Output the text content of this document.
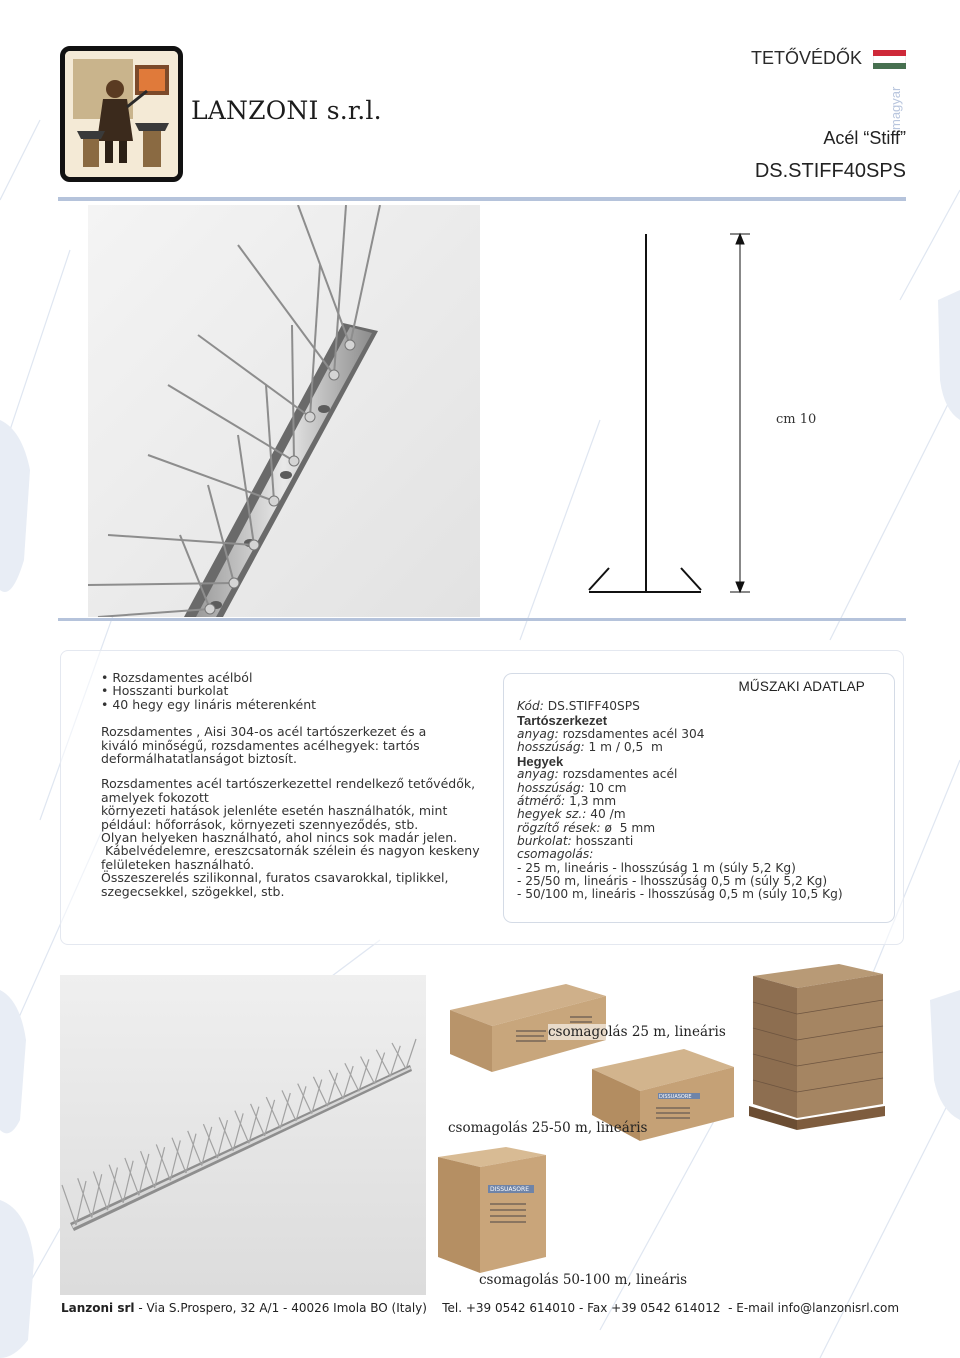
LANZONI s.r.l.
TETŐVÉDŐK
magyar
Acél “Stiff”
DS.STIFF40SPS
cm 10
• Rozsdamentes acélból
• Hosszanti burkolat
• 40 hegy egy lináris méterenként

Rozsdamentes , Aisi 304-os acél tartószerkezet és a
kiváló minőségű, rozsdamentes acélhegyek: tartós
deformálhatatlanságot biztosít.

Rozsdamentes acél tartószerkezettel rendelkező tetővédők,
amelyek fokozott
környezeti hatások jelenléte esetén használhatók, mint
például: hőforrások, környezeti szennyeződés, stb.
Olyan helyeken használható, ahol nincs sok madár jelen.
Kábelvédelemre, ereszcsatornák szélein és nagyon keskeny
felületeken használható.
Összeszerelés szilikonnal, furatos csavarokkal, tiplikkel,
szegecsekkel, szögekkel, stb.

MŰSZAKI ADATLAP
Kód: DS.STIFF40SPS
Tartószerkezet
anyag: rozsdamentes acél 304
hosszúság: 1 m / 0,5  m
Hegyek
anyag: rozsdamentes acél
hosszúság: 10 cm
átmérő: 1,3 mm
hegyek sz.: 40 /m
rögzítő rések: ø  5 mm
burkolat: hosszanti
csomagolás:
- 25 m, lineáris - lhosszúság 1 m (súly 5,2 Kg)
- 25/50 m, lineáris - lhosszúság 0,5 m (súly 5,2 Kg)
- 50/100 m, lineáris - lhosszúság 0,5 m (súly 10,5 Kg)
DISSUASORE
DISSUASORE
csomagolás 25 m, lineáris
csomagolás 25-50 m, lineáris
csomagolás 50-100 m, lineáris
Lanzoni srl - Via S.Prospero, 32 A/1 - 40026 Imola BO (Italy)    Tel. +39 0542 614010 - Fax +39 0542 614012  - E-mail info@lanzonisrl.com
